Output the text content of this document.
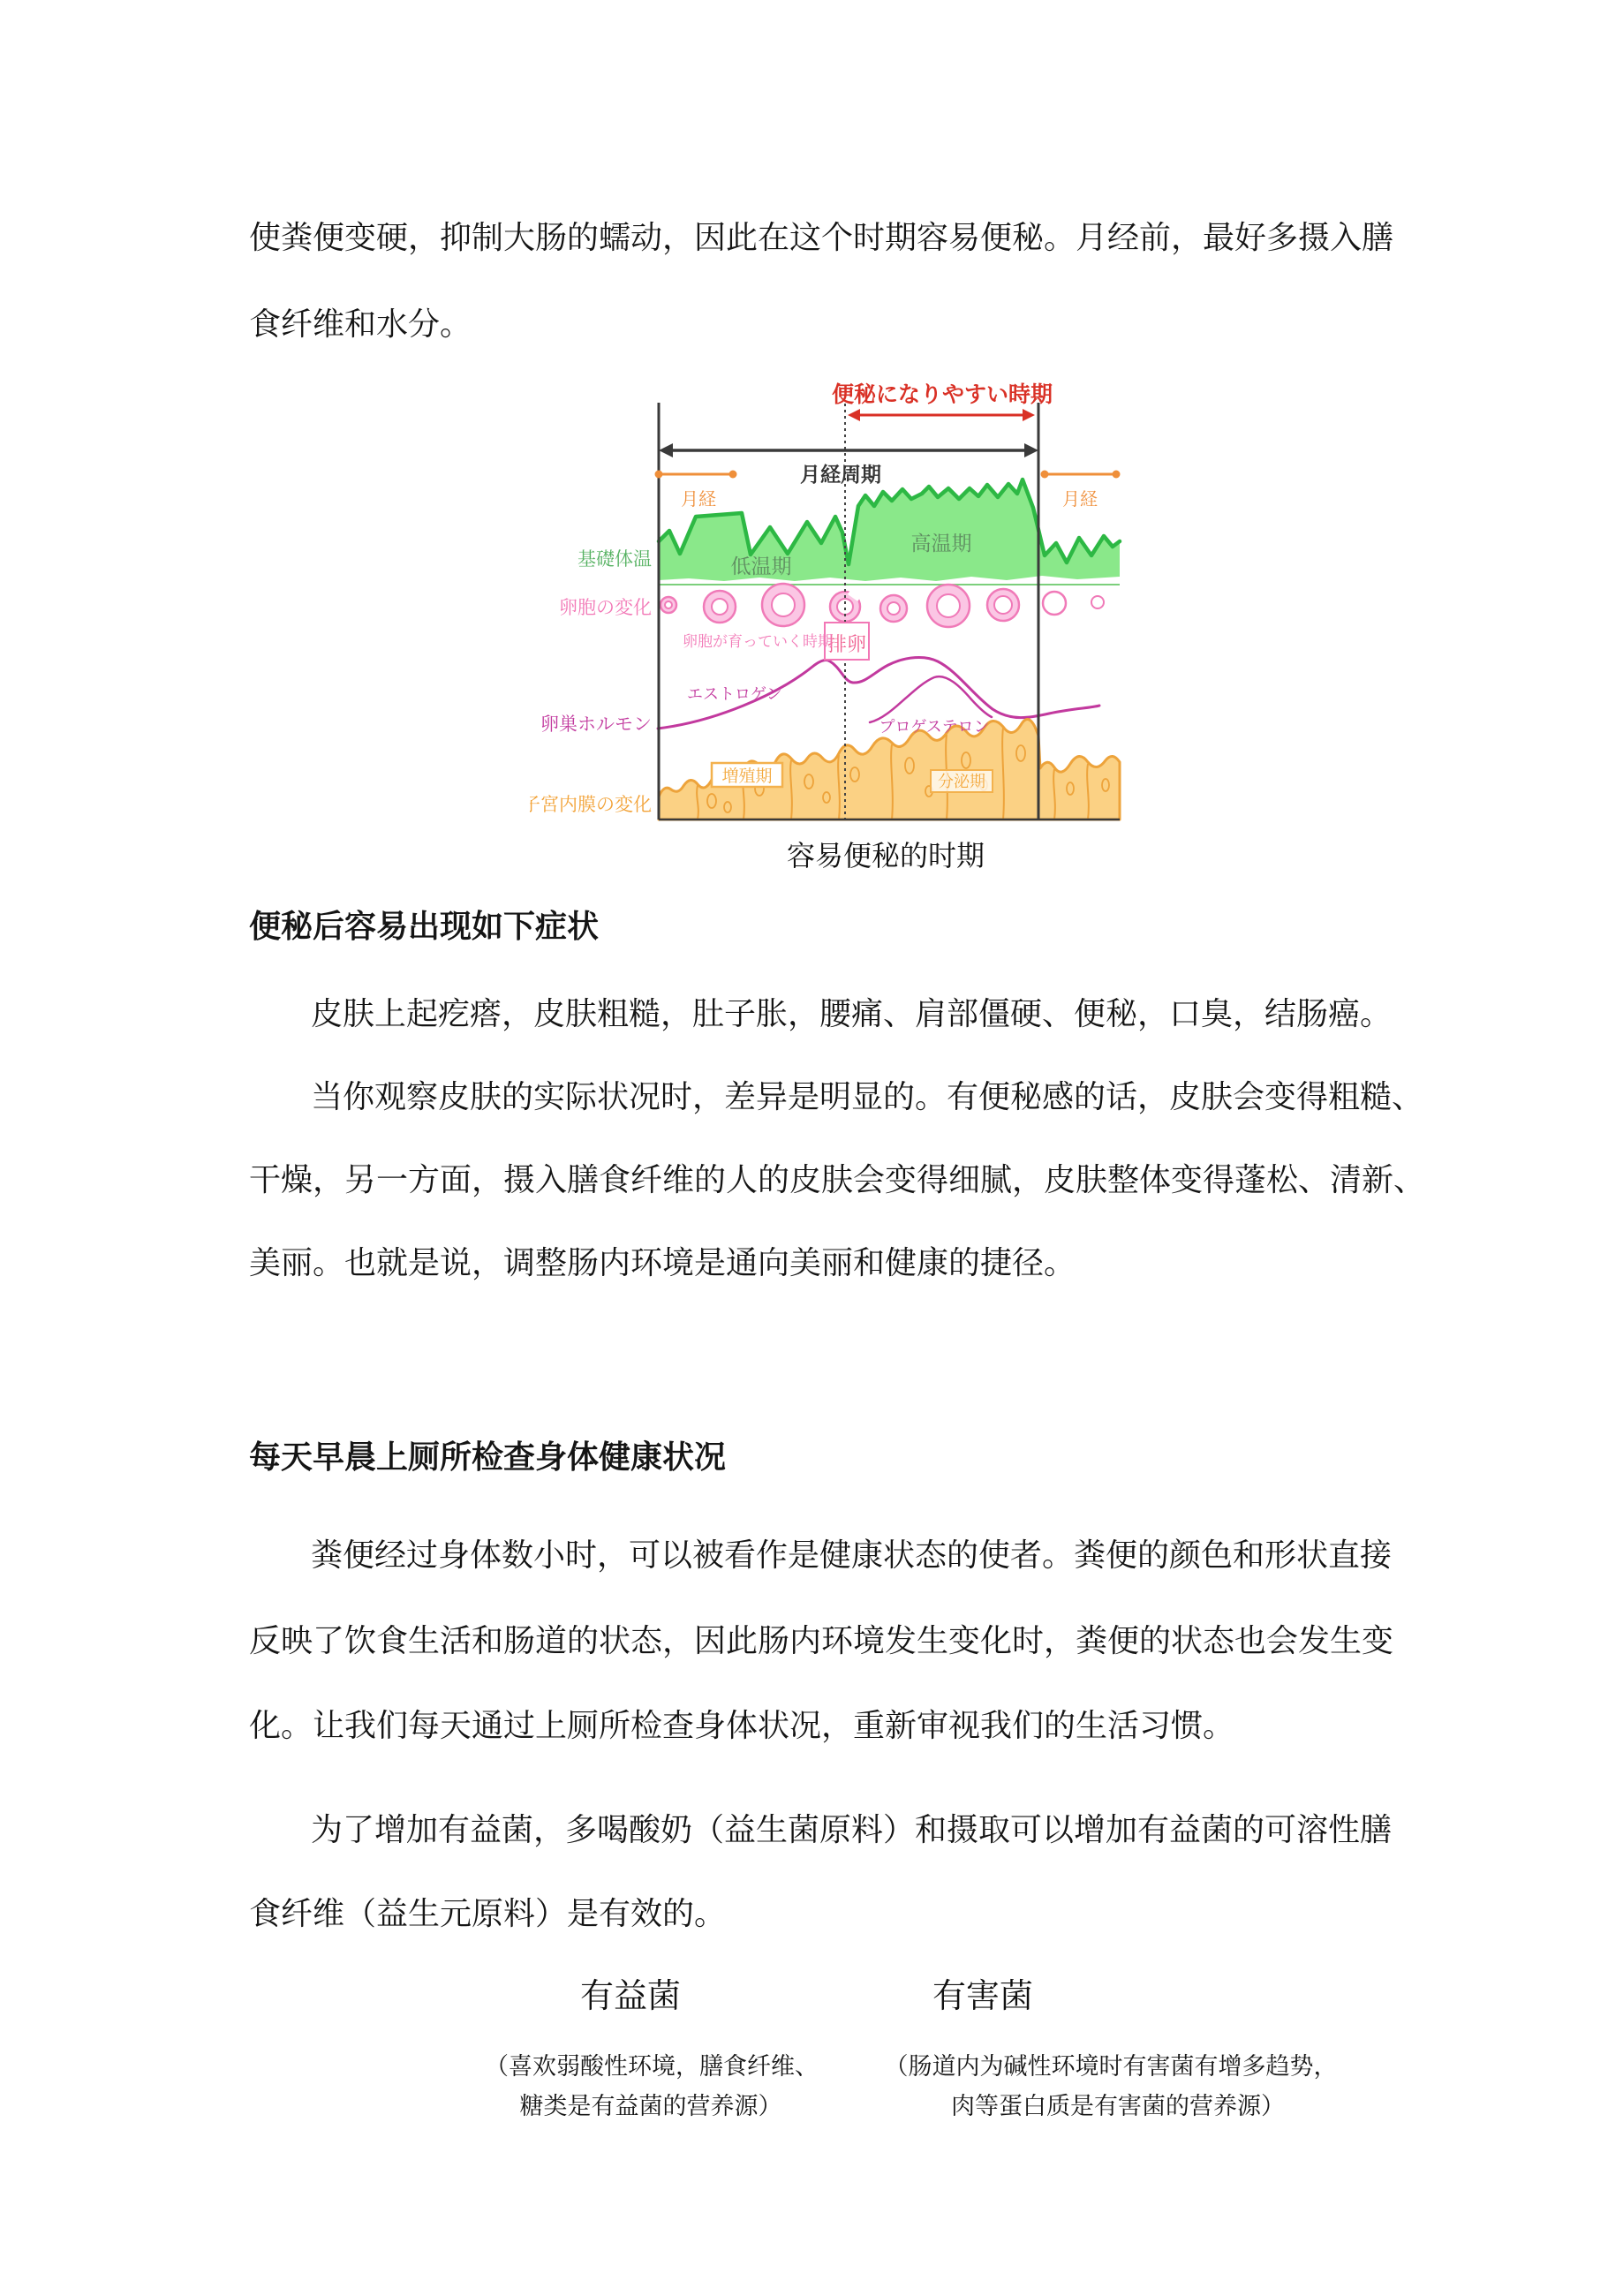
使粪便变硬，抑制大肠的蠕动，因此在这个时期容易便秘。月经前，最好多摄入膳
食纤维和水分。
増殖期	分泌期
排卵
便秘になりやすい時期
月経周期
月経	月経
基礎体温	低温期
高温期
卵胞の変化
卵胞が育っていく時期
エストロゲン
卵巣ホルモン	プロゲステロン
子宮内膜の変化
容易便秘的时期
便秘后容易出现如下症状
皮肤上起疙瘩，皮肤粗糙，肚子胀，腰痛、肩部僵硬、便秘，口臭，结肠癌。
当你观察皮肤的实际状况时，差异是明显的。有便秘感的话，皮肤会变得粗糙、
干燥，另一方面，摄入膳食纤维的人的皮肤会变得细腻，皮肤整体变得蓬松、清新、
美丽。也就是说，调整肠内环境是通向美丽和健康的捷径。
每天早晨上厕所检查身体健康状况
粪便经过身体数小时，可以被看作是健康状态的使者。粪便的颜色和形状直接
反映了饮食生活和肠道的状态，因此肠内环境发生变化时，粪便的状态也会发生变
化。让我们每天通过上厕所检查身体状况，重新审视我们的生活习惯。
为了增加有益菌，多喝酸奶（益生菌原料）和摄取可以增加有益菌的可溶性膳
食纤维（益生元原料）是有效的。
有益菌	有害菌
（喜欢弱酸性环境，膳食纤维、
糖类是有益菌的营养源）
（肠道内为碱性环境时有害菌有增多趋势，
肉等蛋白质是有害菌的营养源）
